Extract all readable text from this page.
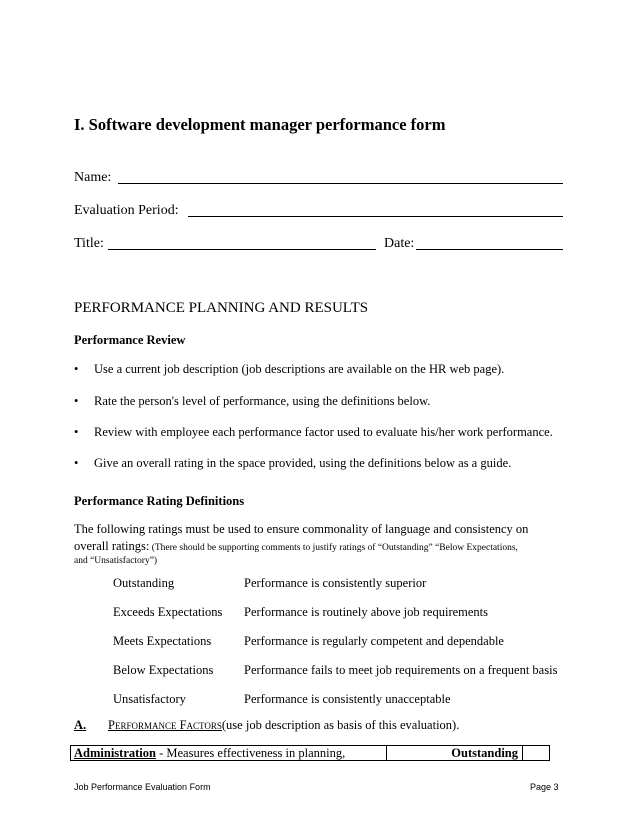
I. Software development manager performance form
Name:
Evaluation Period:
Title:	Date:
PERFORMANCE PLANNING AND RESULTS
Performance Review
• Use a current job description (job descriptions are available on the HR web page).
• Rate the person's level of performance, using the definitions below.
• Review with employee each performance factor used to evaluate his/her work performance.
• Give an overall rating in the space provided, using the definitions below as a guide.
Performance Rating Definitions
The following ratings must be used to ensure commonality of language and consistency on
overall ratings: (There should be supporting comments to justify ratings of “Outstanding” “Below Expectations,
and “Unsatisfactory”)
Outstanding	Performance is consistently superior
Exceeds Expectations Performance is routinely above job requirements
Meets Expectations	Performance is regularly competent and dependable
Below Expectations Performance fails to meet job requirements on a frequent basis
Unsatisfactory	Performance is consistently unacceptable
A. Performance Factors(use job description as basis of this evaluation).
Administration - Measures effectiveness in planning,	Outstanding
Job Performance Evaluation Form	Page 3
